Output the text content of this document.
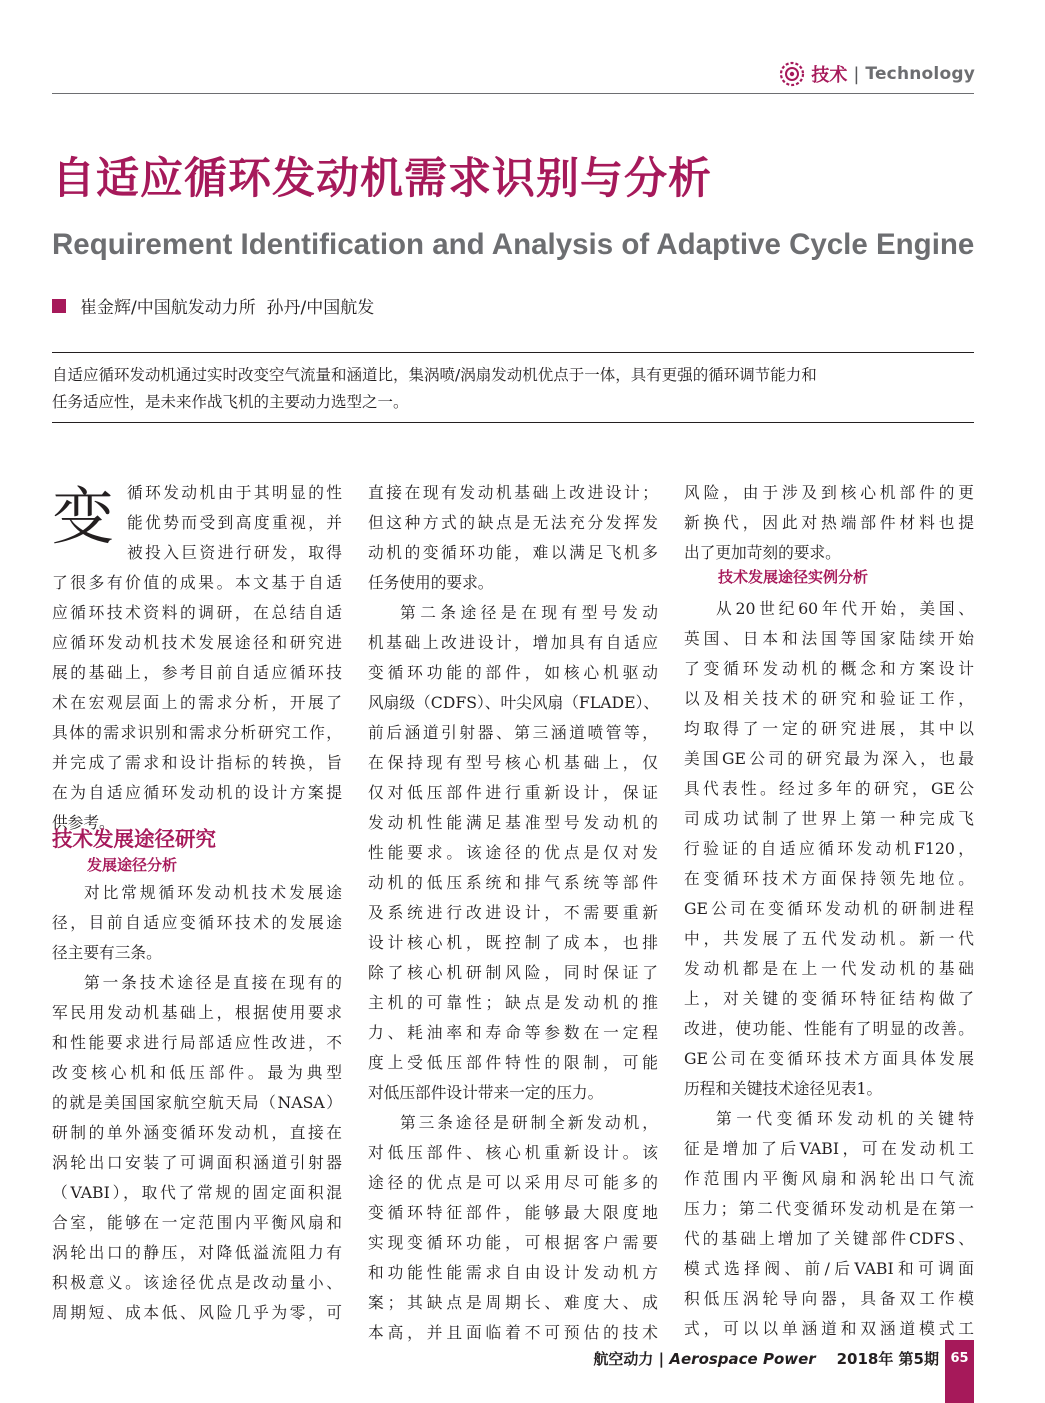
技术 | Technology
自适应循环发动机需求识别与分析
Requirement Identification and Analysis of Adaptive Cycle Engine
崔金辉/中国航发动力所  孙丹/中国航发
自适应循环发动机通过实时改变空气流量和涵道比，集涡喷/涡扇发动机优点于一体，具有更强的循环调节能力和
任务适应性，是未来作战飞机的主要动力选型之一。
变 循环发动机由于其明显的性
能优势而受到高度重视，并
被投入巨资进行研发，取得
了很多有价值的成果。本文基于自适
应循环技术资料的调研，在总结自适
应循环发动机技术发展途径和研究进
展的基础上，参考目前自适应循环技
术在宏观层面上的需求分析，开展了
具体的需求识别和需求分析研究工作，
并完成了需求和设计指标的转换，旨
在为自适应循环发动机的设计方案提
供参考。
技术发展途径研究
发展途径分析
对比常规循环发动机技术发展途
径，目前自适应变循环技术的发展途
径主要有三条。
第一条技术途径是直接在现有的
军民用发动机基础上，根据使用要求
和性能要求进行局部适应性改进，不
改变核心机和低压部件。最为典型
的就是美国国家航空航天局（NASA）
研制的单外涵变循环发动机，直接在
涡轮出口安装了可调面积涵道引射器
（VABI），取代了常规的固定面积混
合室，能够在一定范围内平衡风扇和
涡轮出口的静压，对降低溢流阻力有
积极意义。该途径优点是改动量小、
周期短、成本低、风险几乎为零，可
直接在现有发动机基础上改进设计；
但这种方式的缺点是无法充分发挥发
动机的变循环功能，难以满足飞机多
任务使用的要求。
第二条途径是在现有型号发动
机基础上改进设计，增加具有自适应
变循环功能的部件，如核心机驱动
风扇级（CDFS）、叶尖风扇（FLADE）、
前后涵道引射器、第三涵道喷管等，
在保持现有型号核心机基础上，仅
仅对低压部件进行重新设计，保证
发动机性能满足基准型号发动机的
性能要求。该途径的优点是仅对发
动机的低压系统和排气系统等部件
及系统进行改进设计，不需要重新
设计核心机，既控制了成本，也排
除了核心机研制风险，同时保证了
主机的可靠性；缺点是发动机的推
力、耗油率和寿命等参数在一定程
度上受低压部件特性的限制，可能
对低压部件设计带来一定的压力。
第三条途径是研制全新发动机，
对低压部件、核心机重新设计。该
途径的优点是可以采用尽可能多的
变循环特征部件，能够最大限度地
实现变循环功能，可根据客户需要
和功能性能需求自由设计发动机方
案；其缺点是周期长、难度大、成
本高，并且面临着不可预估的技术
风险，由于涉及到核心机部件的更
新换代，因此对热端部件材料也提
出了更加苛刻的要求。
技术发展途径实例分析
从20世纪60年代开始，美国、
英国、日本和法国等国家陆续开始
了变循环发动机的概念和方案设计
以及相关技术的研究和验证工作，
均取得了一定的研究进展，其中以
美国GE公司的研究最为深入，也最
具代表性。经过多年的研究，GE公
司成功试制了世界上第一种完成飞
行验证的自适应循环发动机F120，
在变循环技术方面保持领先地位。
GE公司在变循环发动机的研制进程
中，共发展了五代发动机。新一代
发动机都是在上一代发动机的基础
上，对关键的变循环特征结构做了
改进，使功能、性能有了明显的改善。
GE公司在变循环技术方面具体发展
历程和关键技术途径见表1。
第一代变循环发动机的关键特
征是增加了后VABI，可在发动机工
作范围内平衡风扇和涡轮出口气流
压力；第二代变循环发动机是在第一
代的基础上增加了关键部件CDFS、
模式选择阀、前/后VABI和可调面
积低压涡轮导向器，具备双工作模
式，可以以单涵道和双涵道模式工
航空动力 | Aerospace Power 2018年 第5期 65
